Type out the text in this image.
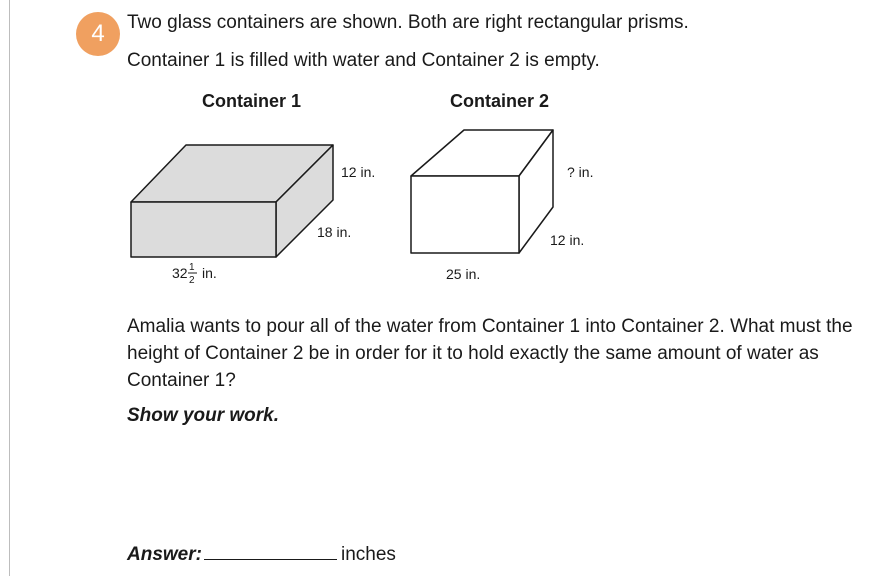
4	Two glass containers are shown. Both are right rectangular prisms.
Container 1 is filled with water and Container 2 is empty.
Container 1	Container 2
12 in.
18 in.
32 1
2 in.
? in.
12 in.
25 in.
Amalia wants to pour all of the water from Container 1 into Container 2. What must the height of Container 2 be in order for it to hold exactly the same amount of water as Container 1?
Show your work.
Answer:	inches
